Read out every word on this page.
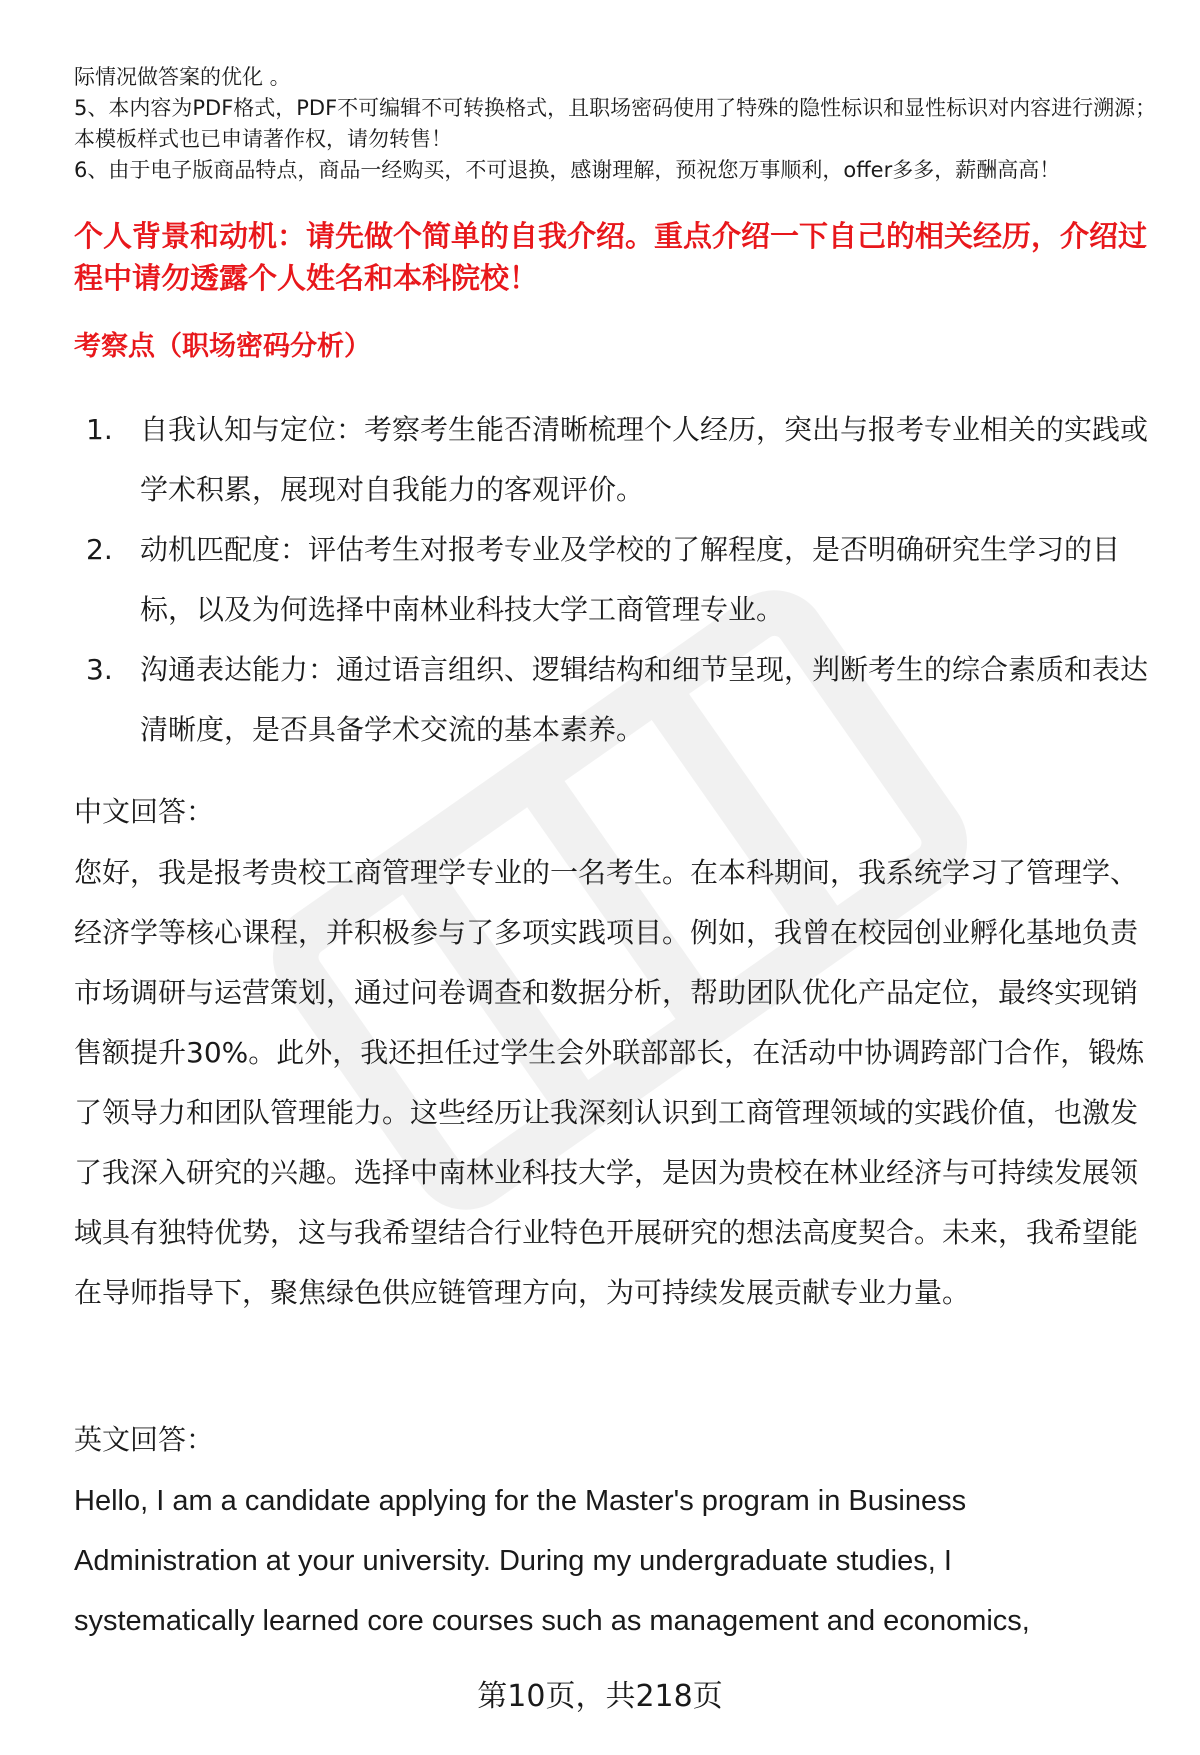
际情况做答案的优化 。

5、本内容为PDF格式，PDF不可编辑不可转换格式，且职场密码使用了特殊的隐性标识和显性标识对内容进行溯源；本模板样式也已申请著作权，请勿转售！

6、由于电子版商品特点，商品一经购买，不可退换，感谢理解，预祝您万事顺利，offer多多，薪酬高高！

个人背景和动机：请先做个简单的自我介绍。重点介绍一下自己的相关经历，介绍过程中请勿透露个人姓名和本科院校！
考察点（职场密码分析）
1. 自我认知与定位：考察考生能否清晰梳理个人经历，突出与报考专业相关的实践或学术积累，展现对自我能力的客观评价。
2. 动机匹配度：评估考生对报考专业及学校的了解程度，是否明确研究生学习的目标，以及为何选择中南林业科技大学工商管理专业。
3. 沟通表达能力：通过语言组织、逻辑结构和细节呈现，判断考生的综合素质和表达清晰度，是否具备学术交流的基本素养。
中文回答：
您好，我是报考贵校工商管理学专业的一名考生。在本科期间，我系统学习了管理学、经济学等核心课程，并积极参与了多项实践项目。例如，我曾在校园创业孵化基地负责市场调研与运营策划，通过问卷调查和数据分析，帮助团队优化产品定位，最终实现销售额提升30%。此外，我还担任过学生会外联部部长，在活动中协调跨部门合作，锻炼了领导力和团队管理能力。这些经历让我深刻认识到工商管理领域的实践价值，也激发了我深入研究的兴趣。选择中南林业科技大学，是因为贵校在林业经济与可持续发展领域具有独特优势，这与我希望结合行业特色开展研究的想法高度契合。未来，我希望能在导师指导下，聚焦绿色供应链管理方向，为可持续发展贡献专业力量。
英文回答：
Hello, I am a candidate applying for the Master's program in Business Administration at your university. During my undergraduate studies, I systematically learned core courses such as management and economics,
第10页，共218页
